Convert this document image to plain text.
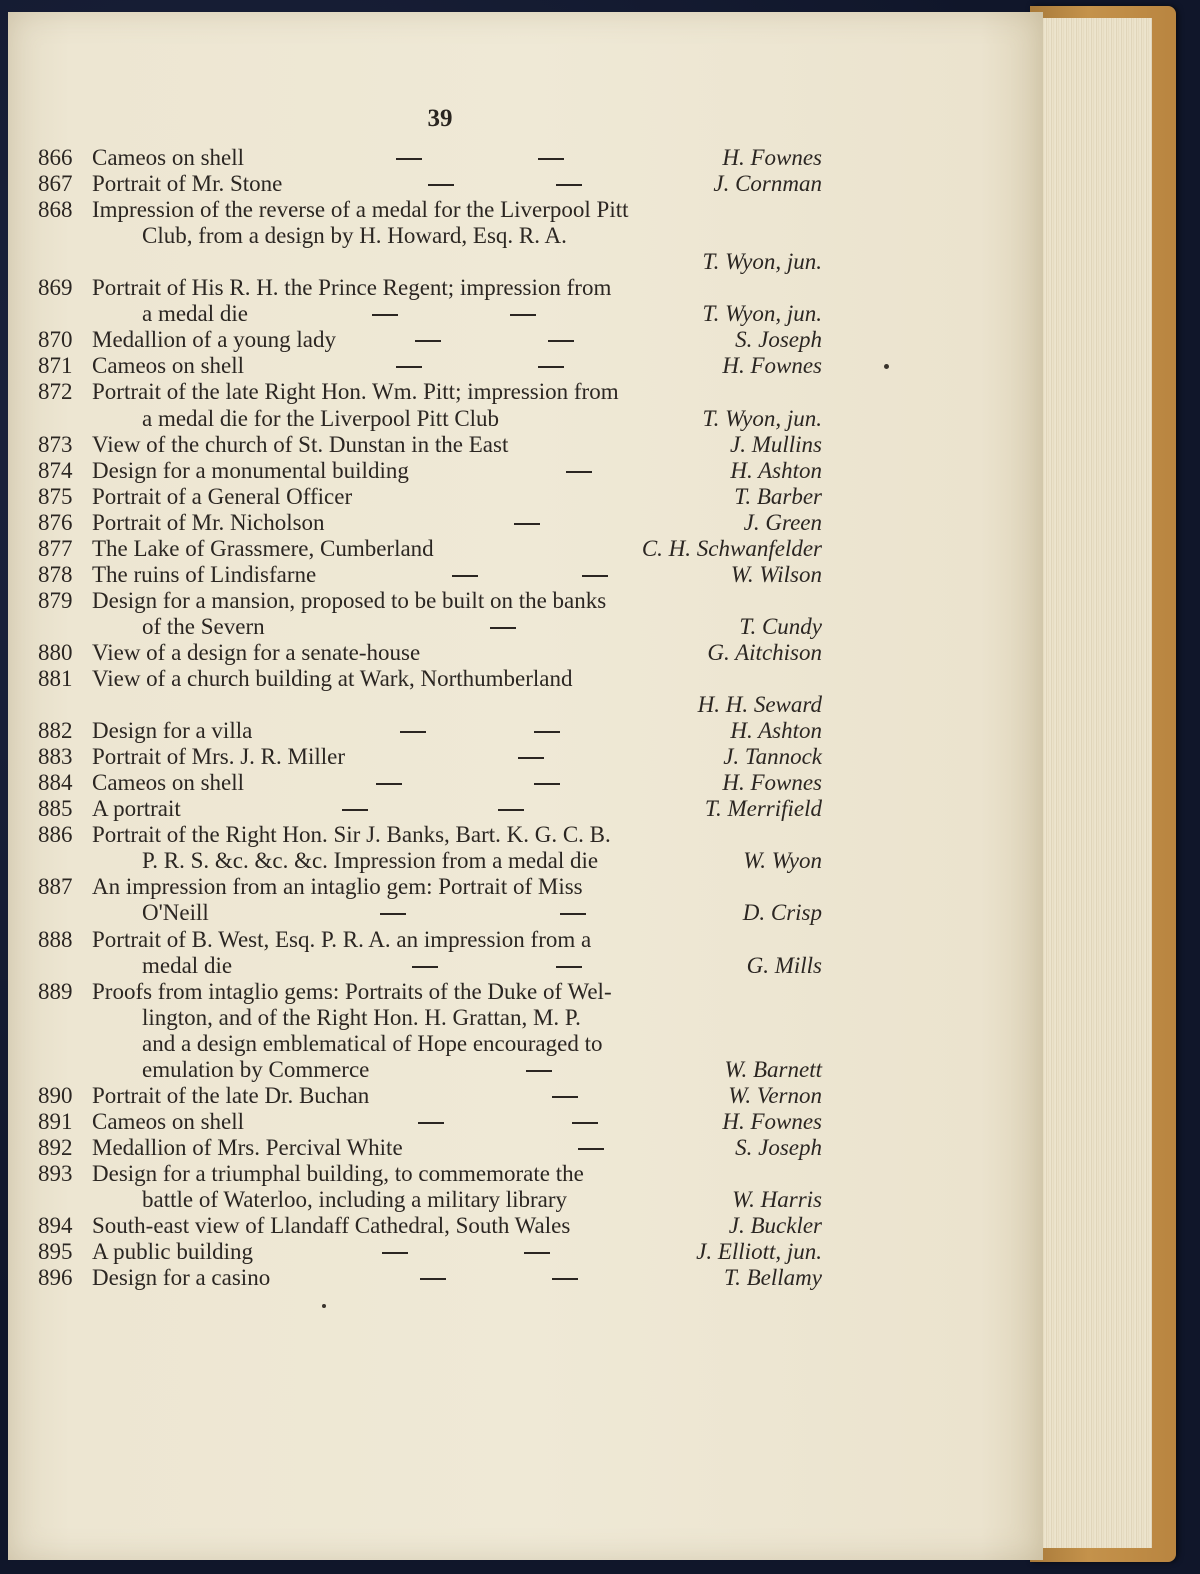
39
866 Cameos on shell	H. Fownes
867 Portrait of Mr. Stone	J. Cornman
868 Impression of the reverse of a medal for the Liverpool Pitt
Club, from a design by H. Howard, Esq. R. A.
T. Wyon, jun.
869 Portrait of His R. H. the Prince Regent; impression from
a medal die	T. Wyon, jun.
870 Medallion of a young lady	S. Joseph
871 Cameos on shell	H. Fownes
872 Portrait of the late Right Hon. Wm. Pitt; impression from
a medal die for the Liverpool Pitt Club	T. Wyon, jun.
873 View of the church of St. Dunstan in the East	J. Mullins
874 Design for a monumental building	H. Ashton
875 Portrait of a General Officer	T. Barber
876 Portrait of Mr. Nicholson	J. Green
877 The Lake of Grassmere, Cumberland	C. H. Schwanfelder
878 The ruins of Lindisfarne	W. Wilson
879 Design for a mansion, proposed to be built on the banks
of the Severn	T. Cundy
880 View of a design for a senate-house	G. Aitchison
881 View of a church building at Wark, Northumberland
H. H. Seward
882 Design for a villa	H. Ashton
883 Portrait of Mrs. J. R. Miller	J. Tannock
884 Cameos on shell	H. Fownes
885 A portrait	T. Merrifield
886 Portrait of the Right Hon. Sir J. Banks, Bart. K. G. C. B.
P. R. S. &c. &c. &c. Impression from a medal die	W. Wyon
887 An impression from an intaglio gem: Portrait of Miss
O'Neill	D. Crisp
888 Portrait of B. West, Esq. P. R. A. an impression from a
medal die	G. Mills
889 Proofs from intaglio gems: Portraits of the Duke of Wel-
lington, and of the Right Hon. H. Grattan, M. P.
and a design emblematical of Hope encouraged to
emulation by Commerce	W. Barnett
890 Portrait of the late Dr. Buchan	W. Vernon
891 Cameos on shell	H. Fownes
892 Medallion of Mrs. Percival White	S. Joseph
893 Design for a triumphal building, to commemorate the
battle of Waterloo, including a military library	W. Harris
894 South-east view of Llandaff Cathedral, South Wales	J. Buckler
895 A public building	J. Elliott, jun.
896 Design for a casino	T. Bellamy
